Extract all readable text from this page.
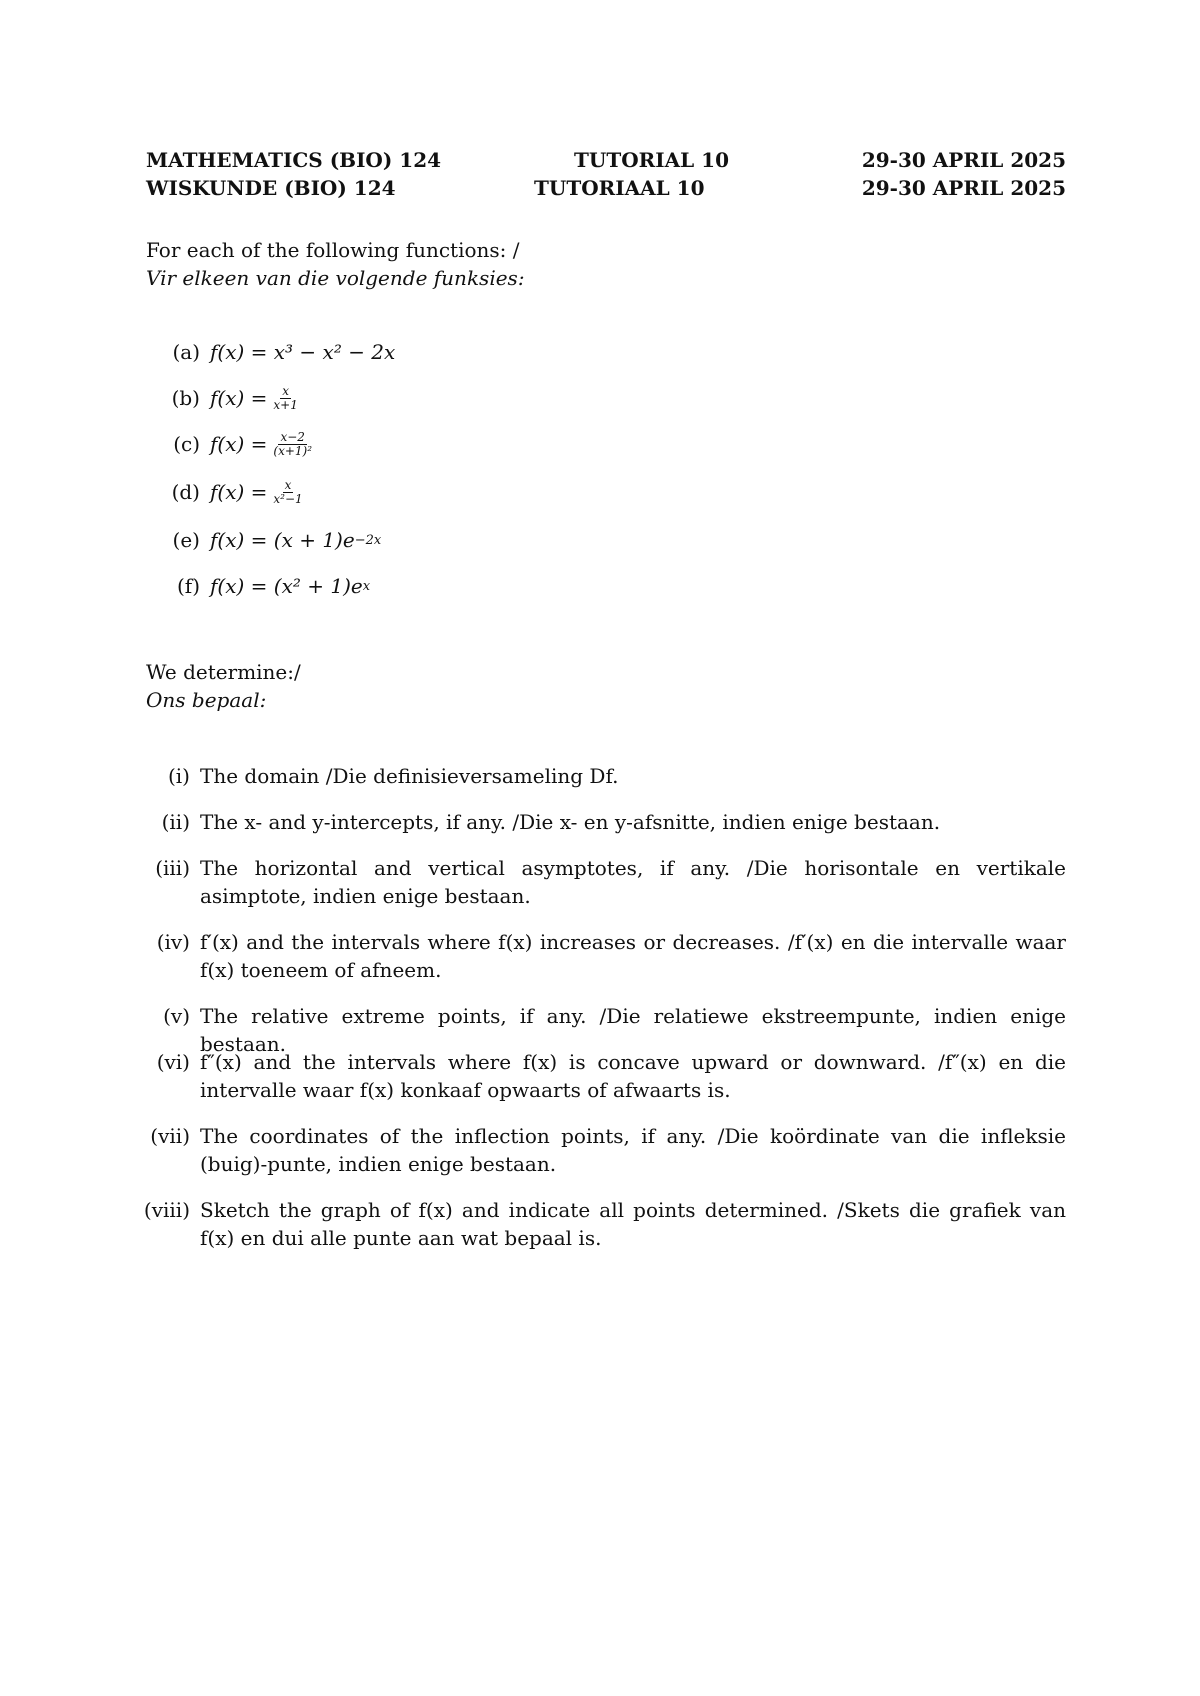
MATHEMATICS (BIO) 124	TUTORIAL 10	29-30 APRIL 2025
WISKUNDE (BIO) 124	TUTORIAAL 10	29-30 APRIL 2025
For each of the following functions: /
Vir elkeen van die volgende funksies:
(a) f(x) =
x³ − x² − 2x
(b) $f(x) = \frac{x}{x+1}$
(c) $f(x) = \frac{x-2}{\text{(x+1)²}}$
(d) $f(x) = \frac{x}{\text{x²−1}}$
(e) f(x) =
(x + 1)e −2x
(f) f(x) =
(x² + 1)e x
We determine:/
Ons bepaal:
(i) The domain /Die definisieversameling Df.
(ii) The x- and y-intercepts, if any. /Die x- en y-afsnitte, indien enige bestaan.
(iii) The horizontal and vertical asymptotes, if any. /Die horisontale en vertikale asimptote, indien enige bestaan.
(iv) f′(x) and the intervals where f(x) increases or decreases. /f′(x) en die intervalle waar f(x) toeneem of afneem.
(v) The relative extreme points, if any. /Die relatiewe ekstreempunte, indien enige bestaan.
(vi) f″(x) and the intervals where f(x) is concave upward or downward. /f″(x) en die intervalle waar f(x) konkaaf opwaarts of afwaarts is.
(vii) The coordinates of the inflection points, if any. /Die koördinate van die infleksie (buig)-punte, indien enige bestaan.
(viii) Sketch the graph of f(x) and indicate all points determined. /Skets die grafiek van f(x) en dui alle punte aan wat bepaal is.
